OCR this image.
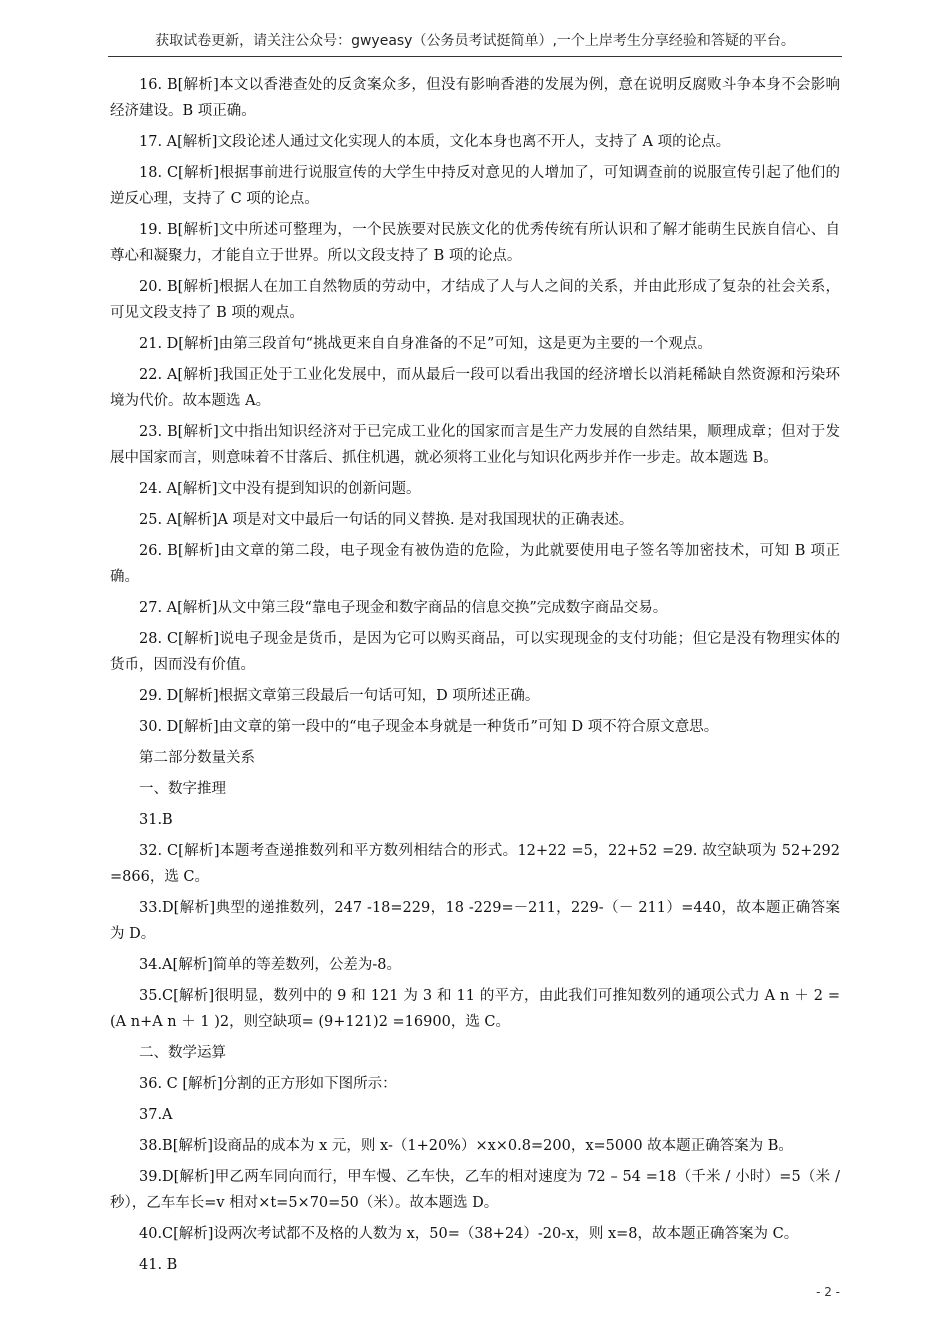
获取试卷更新，请关注公众号：gwyeasy（公务员考试挺简单）,一个上岸考生分享经验和答疑的平台。

16. B[解析]本文以香港查处的反贪案众多，但没有影响香港的发展为例，意在说明反腐败斗争本身不会影响经济建设。B 项正确。

17. A[解析]文段论述人通过文化实现人的本质，文化本身也离不开人，支持了 A 项的论点。

18. C[解析]根据事前进行说服宣传的大学生中持反对意见的人增加了，可知调查前的说服宣传引起了他们的逆反心理，支持了 C 项的论点。

19. B[解析]文中所述可整理为，一个民族要对民族文化的优秀传统有所认识和了解才能萌生民族自信心、自尊心和凝聚力，才能自立于世界。所以文段支持了 B 项的论点。

20. B[解析]根据人在加工自然物质的劳动中，才结成了人与人之间的关系，并由此形成了复杂的社会关系，可见文段支持了 B 项的观点。

21. D[解析]由第三段首句“挑战更来自自身准备的不足”可知，这是更为主要的一个观点。

22. A[解析]我国正处于工业化发展中，而从最后一段可以看出我国的经济增长以消耗稀缺自然资源和污染环境为代价。故本题选 A。

23. B[解析]文中指出知识经济对于已完成工业化的国家而言是生产力发展的自然结果，顺理成章；但对于发展中国家而言，则意味着不甘落后、抓住机遇，就必须将工业化与知识化两步并作一步走。故本题选 B。

24. A[解析]文中没有提到知识的创新问题。

25. A[解析]A 项是对文中最后一句话的同义替换. 是对我国现状的正确表述。

26. B[解析]由文章的第二段，电子现金有被伪造的危险，为此就要使用电子签名等加密技术，可知 B 项正确。

27. A[解析]从文中第三段“靠电子现金和数字商品的信息交换”完成数字商品交易。

28. C[解析]说电子现金是货币，是因为它可以购买商品，可以实现现金的支付功能；但它是没有物理实体的货币，因而没有价值。

29. D[解析]根据文章第三段最后一句话可知，D 项所述正确。

30. D[解析]由文章的第一段中的“电子现金本身就是一种货币”可知 D 项不符合原文意思。

第二部分数量关系

一、数字推理

31.B

32. C[解析]本题考查递推数列和平方数列相结合的形式。12+22 =5，22+52 =29. 故空缺项为 52+292 =866，选 C。

33.D[解析]典型的递推数列，247 -18=229，18 -229=－211，229-（－ 211）=440，故本题正确答案为 D。

34.A[解析]简单的等差数列，公差为-8。

35.C[解析]很明显，数列中的 9 和 121 为 3 和 11 的平方，由此我们可推知数列的通项公式力 A n ＋ 2 =(A n+A n ＋ 1 )2，则空缺项= (9+121)2 =16900，选 C。

二、数学运算

36. C [解析]分割的正方形如下图所示：

37.A

38.B[解析]设商品的成本为 x 元，则 x-（1+20%）×x×0.8=200，x=5000 故本题正确答案为 B。

39.D[解析]甲乙两车同向而行，甲车慢、乙车快，乙车的相对速度为 72 – 54 =18（千米 / 小时）=5（米 / 秒），乙车车长=v 相对×t=5×70=50（米）。故本题选 D。

40.C[解析]设两次考试都不及格的人数为 x，50=（38+24）-20-x，则 x=8，故本题正确答案为 C。

41. B

- 2 -
